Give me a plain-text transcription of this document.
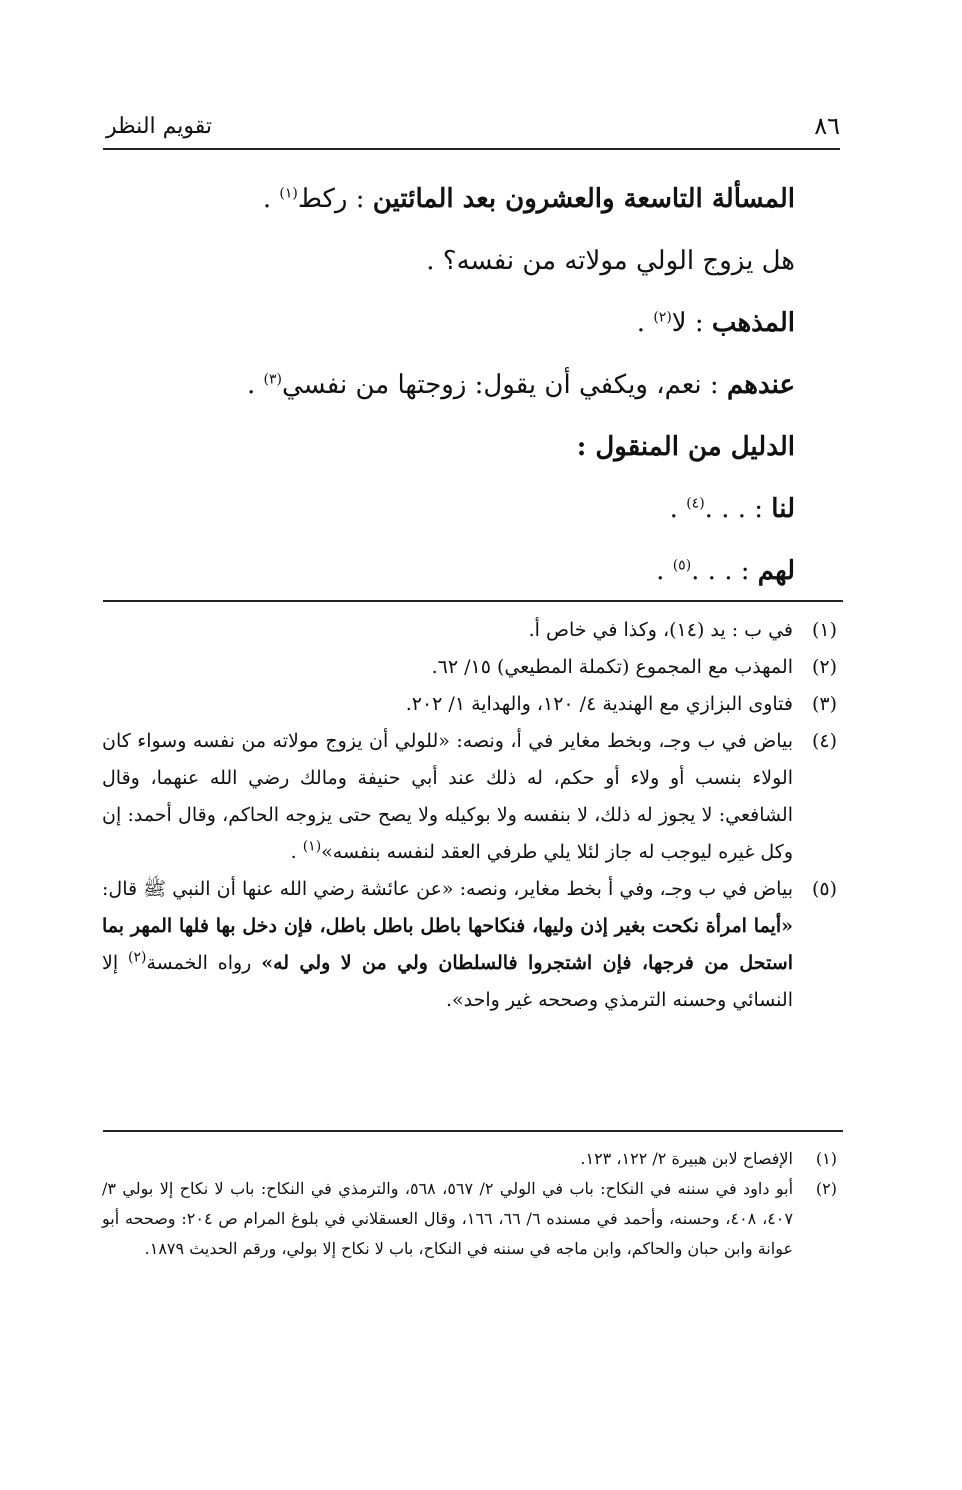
٨٦
تقويم النظر

المسألة التاسعة والعشرون بعد المائتين : ركط$^{(١)}$ .

هل يزوج الولي مولاته من نفسه؟ .

المذهب : لا$^{(٢)}$ .

عندهم : نعم، ويكفي أن يقول: زوجتها من نفسي$^{(٣)}$ .

الدليل من المنقول :

لنا : . . .$^{(٤)}$ .

لهم : . . .$^{(٥)}$ .

(١)
في ب : يد (١٤)، وكذا في خاص أ.
(٢)
المهذب مع المجموع (تكملة المطيعي) ١٥/ ٦٢.
(٣)
فتاوى البزازي مع الهندية ٤/ ١٢٠، والهداية ١/ ٢٠٢.
(٤)
بياض في ب وجـ، وبخط مغاير في أ، ونصه: «للولي أن يزوج مولاته من نفسه وسواء كان الولاء بنسب أو ولاء أو حكم، له ذلك عند أبي حنيفة ومالك رضي الله عنهما، وقال الشافعي: لا يجوز له ذلك، لا بنفسه ولا بوكيله ولا يصح حتى يزوجه الحاكم، وقال أحمد: إن وكل غيره ليوجب له جاز لئلا يلي طرفي العقد لنفسه بنفسه»$^{(١)}$ .
(٥)
بياض في ب وجـ، وفي أ بخط مغاير، ونصه: «عن عائشة رضي الله عنها أن النبي ﷺ قال: «أيما امرأة نكحت بغير إذن وليها، فنكاحها باطل باطل باطل، فإن دخل بها فلها المهر بما استحل من فرجها، فإن اشتجروا فالسلطان ولي من لا ولي له» رواه الخمسة$^{(٢)}$ إلا النسائي وحسنه الترمذي وصححه غير واحد».
(١)
الإفصاح لابن هبيرة ٢/ ١٢٢، ١٢٣.
(٢)
أبو داود في سننه في النكاح: باب في الولي ٢/ ٥٦٧، ٥٦٨، والترمذي في النكاح: باب لا نكاح إلا بولي ٣/ ٤٠٧، ٤٠٨، وحسنه، وأحمد في مسنده ٦/ ٦٦، ١٦٦، وقال العسقلاني في بلوغ المرام ص ٢٠٤: وصححه أبو عوانة وابن حبان والحاكم، وابن ماجه في سننه في النكاح، باب لا نكاح إلا بولي، ورقم الحديث ١٨٧٩.
